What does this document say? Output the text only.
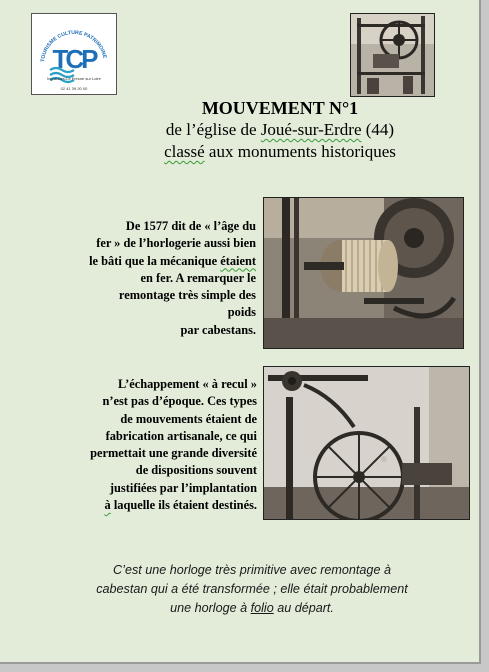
TOURISME CULTURE PATRIMOINE
TCP
Ingrandes-Le Fresne sur Loire
02 41 39 20 00
MOUVEMENT N°1
de l’église de Joué-sur-Erdre (44)
classé aux monuments historiques
De 1577 dit de « l’âge du
fer » de l’horlogerie aussi bien
le bâti que la mécanique étaient
en fer. A remarquer le
remontage très simple des poids
par cabestans.
L’échappement « à recul »
n’est pas d’époque. Ces types
de mouvements étaient de
fabrication artisanale, ce qui
permettait une grande diversité
de dispositions souvent
justifiées par l’implantation
à laquelle ils étaient destinés.
C’est une horloge très primitive avec remontage à
cabestan qui a été transformée ; elle était probablement
une horloge à folio au départ.
